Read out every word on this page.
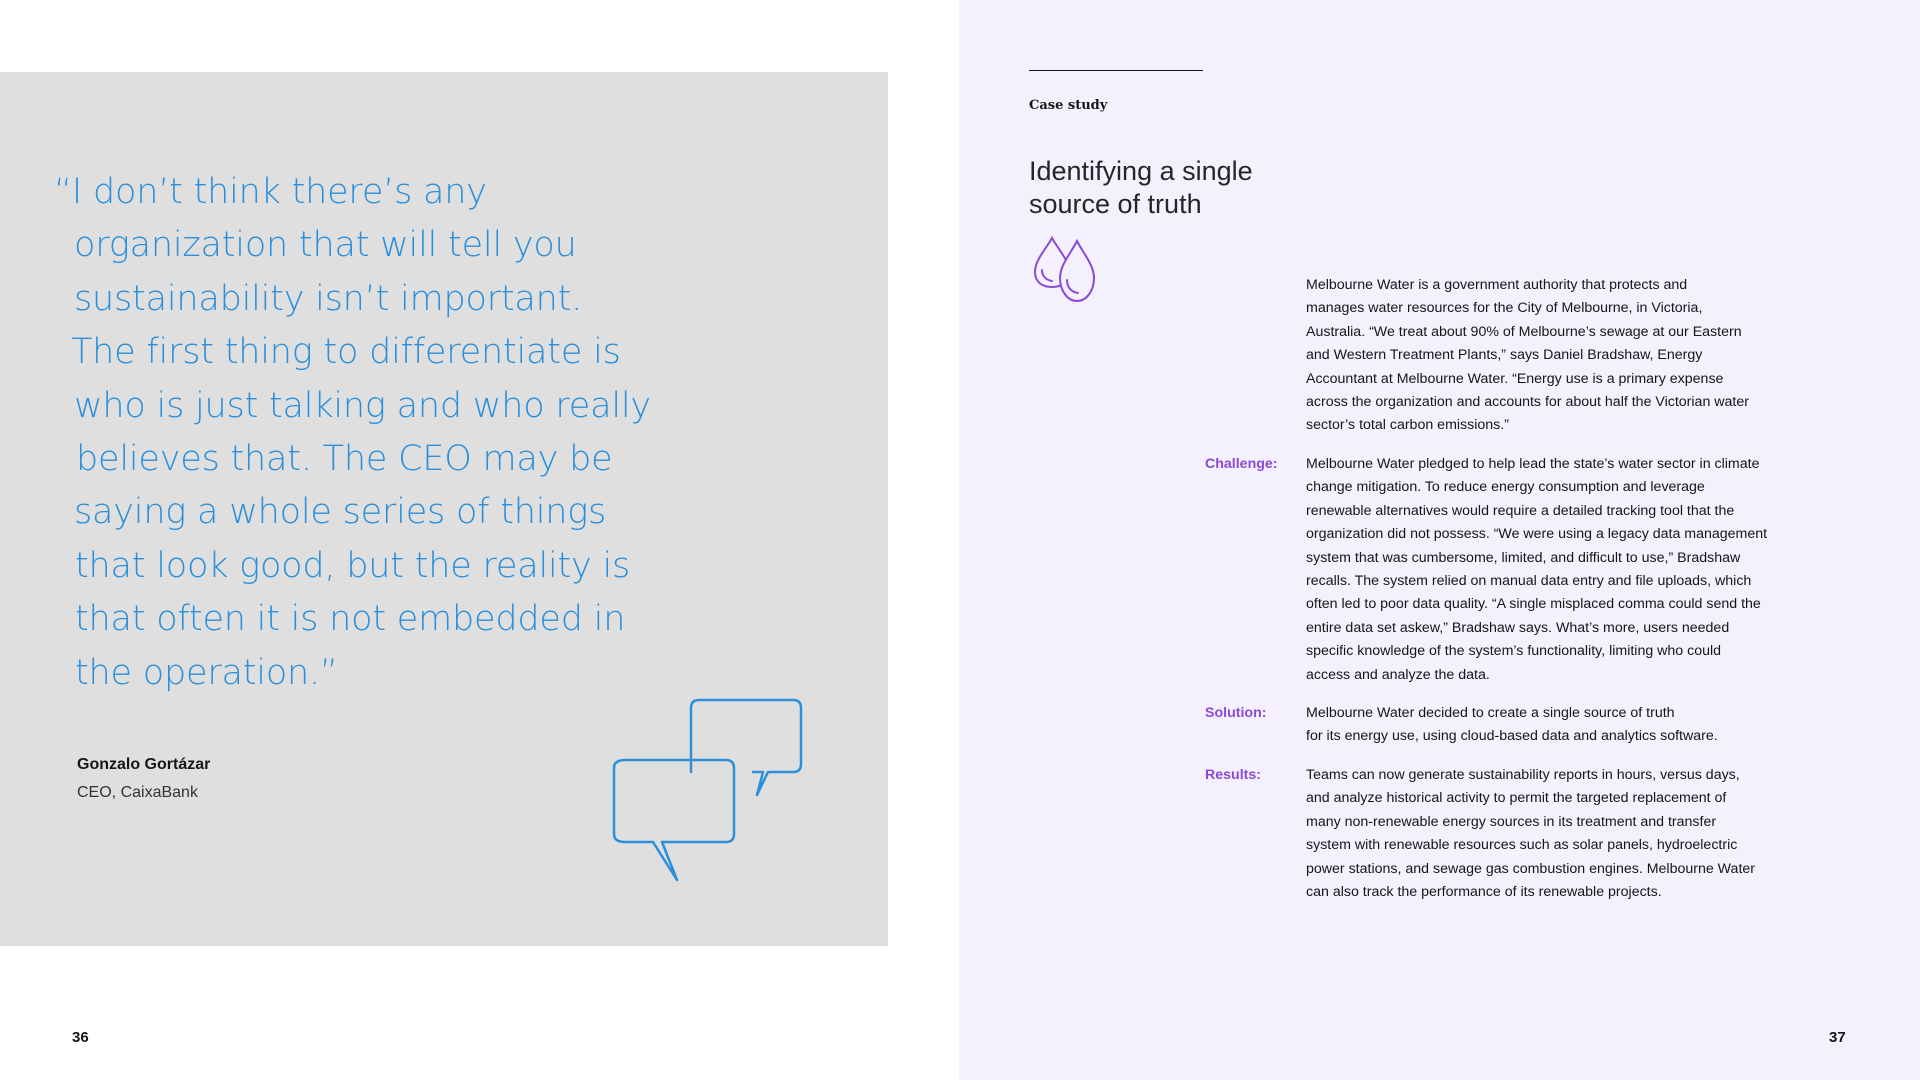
“I don’t think there’s any
organization that will tell you
sustainability isn’t important.
The first thing to differentiate is
who is just talking and who really
believes that. The CEO may be
saying a whole series of things
that look good, but the reality is
that often it is not embedded in
the operation.”

Gonzalo Gortázar
CEO, CaixaBank
36
Case study
Identifying a single
source of truth
Melbourne Water is a government authority that protects and
manages water resources for the City of Melbourne, in Victoria,
Australia. “We treat about 90% of Melbourne’s sewage at our Eastern
and Western Treatment Plants,” says Daniel Bradshaw, Energy
Accountant at Melbourne Water. “Energy use is a primary expense
across the organization and accounts for about half the Victorian water
sector’s total carbon emissions.”
Challenge: Melbourne Water pledged to help lead the state’s water sector in climate
change mitigation. To reduce energy consumption and leverage
renewable alternatives would require a detailed tracking tool that the
organization did not possess. “We were using a legacy data management
system that was cumbersome, limited, and difficult to use,” Bradshaw
recalls. The system relied on manual data entry and file uploads, which
often led to poor data quality. “A single misplaced comma could send the
entire data set askew,” Bradshaw says. What’s more, users needed
specific knowledge of the system’s functionality, limiting who could
access and analyze the data.
Solution:	Melbourne Water decided to create a single source of truth
for its energy use, using cloud-based data and analytics software.
Results:	Teams can now generate sustainability reports in hours, versus days,
and analyze historical activity to permit the targeted replacement of
many non-renewable energy sources in its treatment and transfer
system with renewable resources such as solar panels, hydroelectric
power stations, and sewage gas combustion engines. Melbourne Water
can also track the performance of its renewable projects.
37
